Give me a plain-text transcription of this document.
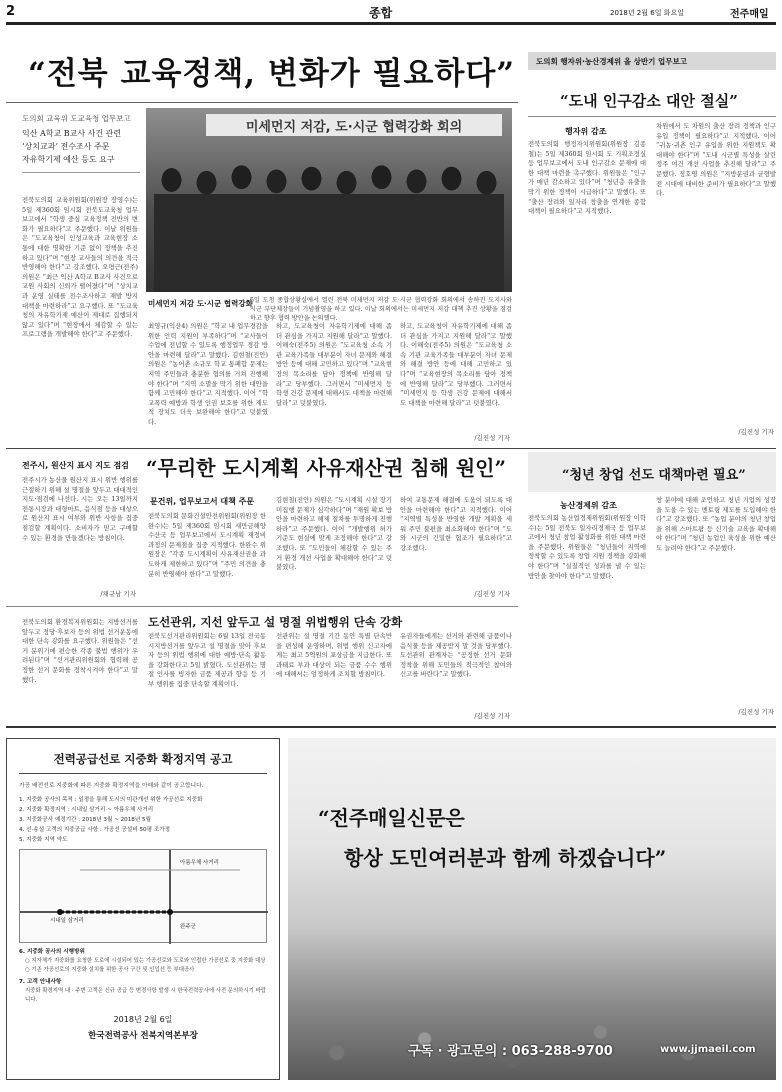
2	종합	2018년 2월 6일 화요일	전주매일
“전북 교육정책, 변화가 필요하다”
도의회 교육위 도교육청 업무보고
익산 A학교 B교사 사건 관련
‘상치교과’ 전수조사 주문
자유학기제 예산 등도 요구
전북도의회 교육위원회(위원장 장영수)는 5일 제360회 임시회 전북도교육청 업무보고에서 “학생 중심 교육정책 전반의 변화가 필요하다”고 주문했다. 이날 위원들은 “도교육청이 인성교육과 교육현장 소통에 대한 명확한 기준 없이 정책을 추진하고 있다”며 “현장 교사들의 의견을 적극 반영해야 한다”고 강조했다. 오평근(전주) 의원은 “최근 익산 A학교 B교사 사건으로 교원 사회의 신뢰가 떨어졌다”며 “상치교과 운영 실태를 전수조사하고 재발 방지 대책을 마련하라”고 요구했다. 또 “도교육청의 자유학기제 예산이 제대로 집행되지 않고 있다”며 “현장에서 체감할 수 있는 프로그램을 개발해야 한다”고 주문했다.
미세먼지 저감, 도·시군 협력강화 회의
미세먼지 저감 도·시군 협력강화
5일 도청 종합상황실에서 열린 전북 미세먼지 저감 도·시군 협력강화 회의에서 송하진 도지사와 시군 부단체장들이 기념촬영을 하고 있다. 이날 회의에서는 미세먼지 저감 대책 추진 상황을 점검하고 향후 협력 방안을 논의했다.
최영규(익산4) 의원은 “학교 내 업무경감을 위한 인력 지원이 부족하다”며 “교사들이 수업에 전념할 수 있도록 행정업무 경감 방안을 마련해 달라”고 말했다. 김현철(진안) 의원은 “농어촌 소규모 학교 통폐합 문제는 지역 주민들과 충분한 협의를 거쳐 진행해야 한다”며 “지역 소멸을 막기 위한 대안을 함께 고민해야 한다”고 지적했다. 이어 “학교폭력 예방과 학생 인권 보호를 위한 제도적 장치도 더욱 보완해야 한다”고 덧붙였다.
하고, 도교육청이 자유학기제에 대해 좀 더 관심을 가지고 지원해 달라”고 말했다. 이해숙(전주5) 의원은 “도교육청 소속 기관 교육가족들 대부분이 자녀 문제와 해결 방안 등에 대해 고민하고 있다”며 “교육현장의 목소리를 담아 정책에 반영해 달라”고 당부했다. 그러면서 “미세먼지 등 학생 건강 문제에 대해서도 대책을 마련해 달라”고 덧붙였다.
하고, 도교육청이 자유학기제에 대해 좀 더 관심을 가지고 지원해 달라”고 말했다. 이해숙(전주5) 의원은 “도교육청 소속 기관 교육가족들 대부분이 자녀 문제와 해결 방안 등에 대해 고민하고 있다”며 “교육현장의 목소리를 담아 정책에 반영해 달라”고 당부했다. 그러면서 “미세먼지 등 학생 건강 문제에 대해서도 대책을 마련해 달라”고 덧붙였다.
/김진성 기자
도의회 행자위·농산경제위 올 상반기 업무보고
“도내 인구감소 대안 절실”
행자위 감조
전북도의회 행정자치위원회(위원장 김종철)는 5일 제360회 임시회 도 기획조정실 등 업무보고에서 도내 인구감소 문제에 대한 대책 마련을 촉구했다. 위원들은 “인구가 매년 감소하고 있다”며 “청년층 유출을 막기 위한 정책이 시급하다”고 말했다. 또 “출산 장려와 일자리 창출을 연계한 종합 대책이 필요하다”고 지적했다.
차원에서 도 차원의 출산 장려 정책과 인구 유입 정책이 필요하다”고 지적했다. 이어 “귀농·귀촌 인구 유입을 위한 지원책도 확대해야 한다”며 “도내 시군별 특성을 살린 정주 여건 개선 사업을 추진해 달라”고 주문했다. 정호영 의원은 “지방분권과 균형발전 시대에 대비한 준비가 필요하다”고 말했다.
/김진성 기자
전주시, 원산지 표시 지도 점검
전주시가 농산물 원산지 표시 위반 행위를 근절하기 위해 설 명절을 앞두고 대대적인 지도·점검에 나선다. 시는 오는 13일까지 전통시장과 대형마트, 음식점 등을 대상으로 원산지 표시 여부와 위반 사항을 집중 점검할 계획이다. 소비자가 믿고 구매할 수 있는 환경을 만들겠다는 방침이다.
/채규남 기자
“무리한 도시계획 사유재산권 침해 원인”
문건위, 업무보고서 대책 주문
전북도의회 문화건설안전위원회(위원장 한완수)는 5일 제360회 임시회 새만금해양수산국 등 업무보고에서 도시계획 재정비 과정의 문제점을 집중 지적했다. 한완수 위원장은 “각종 도시계획이 사유재산권을 과도하게 제한하고 있다”며 “주민 의견을 충분히 반영해야 한다”고 말했다.
김현철(진안) 의원은 “도시계획 시설 장기미집행 문제가 심각하다”며 “재원 확보 방안을 마련하고 해제 절차를 투명하게 진행하라”고 주문했다. 이어 “개발행위 허가 기준도 현실에 맞게 조정해야 한다”고 강조했다. 또 “도민들이 체감할 수 있는 주거 환경 개선 사업을 확대해야 한다”고 덧붙였다.
하여 교통문제 해결에 도움이 되도록 대안을 마련해야 한다”고 지적했다. 이어 “지역별 특성을 반영한 개발 계획을 세워 주민 불편을 최소화해야 한다”며 “도와 시군의 긴밀한 협조가 필요하다”고 강조했다.
/김진성 기자
“청년 창업 선도 대책마련 필요”
농산경제위 감조
전북도의회 농산업경제위원회(위원장 이학수)는 5일 전북도 일자리경제국 등 업무보고에서 청년 창업 활성화를 위한 대책 마련을 주문했다. 위원들은 “청년들이 지역에 정착할 수 있도록 창업 지원 정책을 강화해야 한다”며 “실질적인 성과를 낼 수 있는 방안을 찾아야 한다”고 말했다.
창 분야에 대해 조언하고 청년 기업의 성장을 도울 수 있는 멘토링 제도를 도입해야 한다”고 강조했다. 또 “농업 분야의 청년 창업을 위해 스마트팜 등 신기술 교육을 확대해야 한다”며 “청년 농업인 육성을 위한 예산도 늘려야 한다”고 주문했다.
/김진성 기자
전북도의회 환경복지위원회는 지방선거를 앞두고 정당·후보자 등의 위법 선거운동에 대한 단속 강화를 요구했다. 위원들은 “선거 분위기에 편승한 각종 불법 행위가 우려된다”며 “선거관리위원회와 협력해 공정한 선거 문화를 정착시켜야 한다”고 말했다.
도선관위, 지선 앞두고 설 명절 위법행위 단속 강화
전북도선거관리위원회는 6월 13일 전국동시지방선거를 앞두고 설 명절을 맞아 후보자 등의 위법 행위에 대한 예방·단속 활동을 강화한다고 5일 밝혔다. 도선관위는 명절 인사를 빙자한 금품 제공과 향응 등 기부 행위를 집중 단속할 계획이다.
선관위는 설 명절 기간 동안 특별 단속반을 편성해 운영하며, 위법 행위 신고자에게는 최고 5억원의 포상금을 지급한다. 또 과태료 부과 대상이 되는 금품 수수 행위에 대해서는 엄정하게 조치할 방침이다.
유권자들에게는 선거와 관련해 금품이나 음식물 등을 제공받지 말 것을 당부했다. 도선관위 관계자는 “공정한 선거 문화 정착을 위해 도민들의 적극적인 참여와 신고를 바란다”고 말했다.
/김진성 기자
전력공급선로 지중화 확정지역 공고
가공 배전선로 지중화에 따른 지중화 확정지역을 아래와 같이 공고합니다.
1. 지중화 공사의 목적 : 일정을 통해 도시의 미관개선 위한 가공선로 지중화
2. 지중화 확정지역 : 시내일 삼거리 ~ 아름우체 사거리
3. 지중화공사 예정기간 : 2018년 3월 ~ 2018년 5월
4. 선·송설 고객의 지중공급 사항 : 가공선 공설비 50평 조가정
5. 지중화 지역 약도
아름우체 사거리
시내일 삼거리
완주군
6. 지중화 공사의 시행방위
○ 지자체가 지중화를 요청한 도로에 시설되어 있는 가공선로와 도로와 인접한 가공선로 중 지중화 대상
○ 기존 가공선로의 지중화 설치를 위한 공사 구간 및 인입선 등 부대공사
7. 고객 안내사항
지중화 확정지역 내 · 주변 고객은 신규 공급 등 변경사항 발생 시 한국전력공사에 사전 문의하시기 바랍니다.
2018년 2월 6일
한국전력공사 전북지역본부장
“전주매일신문은
항상 도민여러분과 함께 하겠습니다”
구독 · 광고문의 : 063-288-9700	www.jjmaeil.com
